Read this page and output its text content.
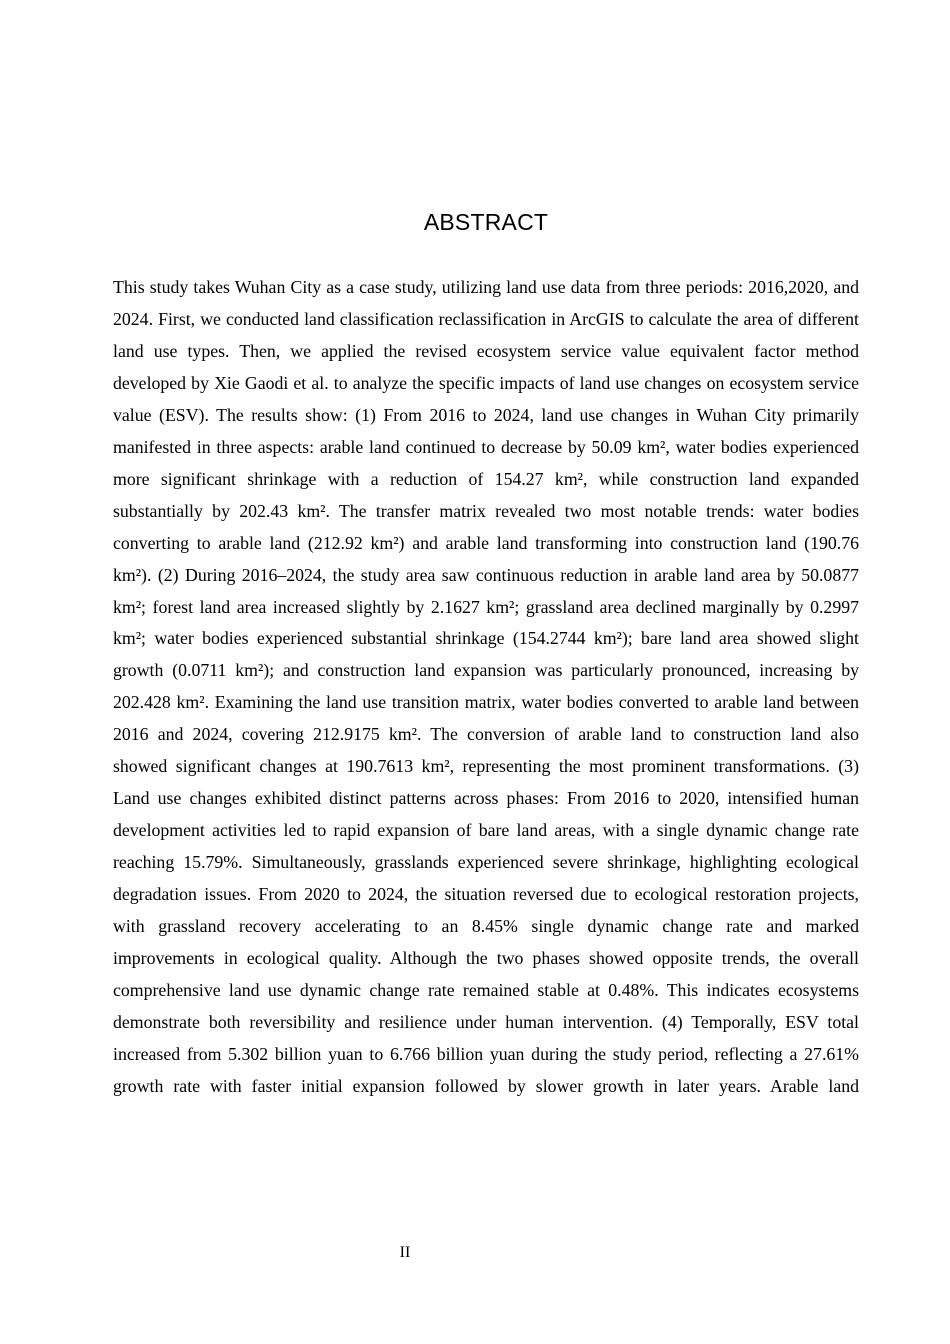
ABSTRACT

This study takes Wuhan City as a case study, utilizing land use data from three periods: 2016,2020, and 2024. First, we conducted land classification reclassification in ArcGIS to calculate the area of different land use types. Then, we applied the revised ecosystem service value equivalent factor method developed by Xie Gaodi et al. to analyze the specific impacts of land use changes on ecosystem service value (ESV). The results show: (1) From 2016 to 2024, land use changes in Wuhan City primarily manifested in three aspects: arable land continued to decrease by 50.09 km², water bodies experienced more significant shrinkage with a reduction of 154.27 km², while construction land expanded substantially by 202.43 km². The transfer matrix revealed two most notable trends: water bodies converting to arable land (212.92 km²) and arable land transforming into construction land (190.76 km²). (2) During 2016–2024, the study area saw continuous reduction in arable land area by 50.0877 km²; forest land area increased slightly by 2.1627 km²; grassland area declined marginally by 0.2997 km²; water bodies experienced substantial shrinkage (154.2744 km²); bare land area showed slight growth (0.0711 km²); and construction land expansion was particularly pronounced, increasing by 202.428 km². Examining the land use transition matrix, water bodies converted to arable land between 2016 and 2024, covering 212.9175 km². The conversion of arable land to construction land also showed significant changes at 190.7613 km², representing the most prominent transformations. (3) Land use changes exhibited distinct patterns across phases: From 2016 to 2020, intensified human development activities led to rapid expansion of bare land areas, with a single dynamic change rate reaching 15.79%. Simultaneously, grasslands experienced severe shrinkage, highlighting ecological degradation issues. From 2020 to 2024, the situation reversed due to ecological restoration projects, with grassland recovery accelerating to an 8.45% single dynamic change rate and marked improvements in ecological quality. Although the two phases showed opposite trends, the overall comprehensive land use dynamic change rate remained stable at 0.48%. This indicates ecosystems demonstrate both reversibility and resilience under human intervention. (4) Temporally, ESV total increased from 5.302 billion yuan to 6.766 billion yuan during the study period, reflecting a 27.61% growth rate with faster initial expansion followed by slower growth in later years. Arable land

II
